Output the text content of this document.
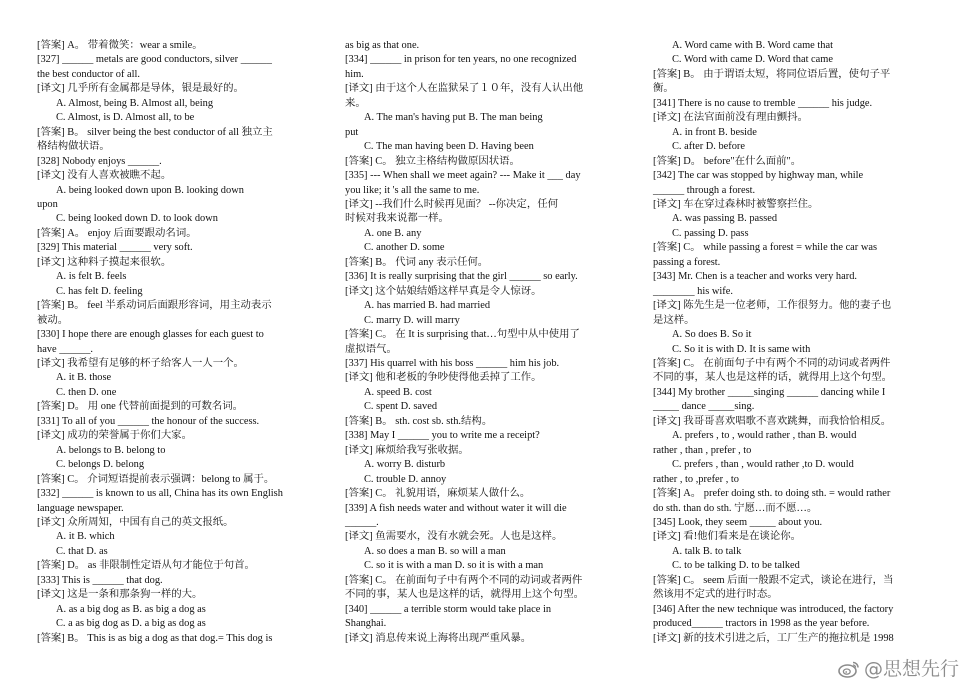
[答案] A。 带着微笑：wear a smile。
[327] ______ metals are good conductors, silver ______
the best conductor of all.
[译文] 几乎所有金属都是导体，银是最好的。
A. Almost, being B. Almost all, being
C. Almost, is D. Almost all, to be
[答案] B。 silver being the best conductor of all 独立主
格结构做状语。
[328] Nobody enjoys ______.
[译文] 没有人喜欢被瞧不起。
A. being looked down upon B. looking down
upon
C. being looked down D. to look down
[答案] A。 enjoy 后面要跟动名词。
[329] This material ______ very soft.
[译文] 这种料子摸起来很软。
A. is felt B. feels
C. has felt D. feeling
[答案] B。 feel 半系动词后面跟形容词，用主动表示
被动。
[330] I hope there are enough glasses for each guest to
have ______.
[译文] 我希望有足够的杯子给客人一人一个。
A. it B. those
C. then D. one
[答案] D。 用 one 代替前面提到的可数名词。
[331] To all of you ______ the honour of the success.
[译文] 成功的荣誉属于你们大家。
A. belongs to B. belong to
C. belongs D. belong
[答案] C。 介词短语提前表示强调：belong to 属于。
[332] ______ is known to us all, China has its own English
language newspaper.
[译文] 众所周知，中国有自己的英文报纸。
A. it B. which
C. that D. as
[答案] D。 as 非限制性定语从句才能位于句首。
[333] This is ______ that dog.
[译文] 这是一条和那条狗一样的大。
A. as a big dog as B. as big a dog as
C. a as big dog as D. a big as dog as
[答案] B。 This is as big a dog as that dog.= This dog is
as big as that one.
[334] ______ in prison for ten years, no one recognized
him.
[译文] 由于这个人在监狱呆了１０年，没有人认出他
来。
A. The man's having put B. The man being
put
C. The man having been D. Having been
[答案] C。 独立主格结构做原因状语。
[335] --- When shall we meet again? --- Make it ___ day
you like; it 's all the same to me.
[译文] --我们什么时候再见面？ --你决定，任何
时候对我来说都一样。
A. one B. any
C. another D. some
[答案] B。 代词 any 表示任何。
[336] It is really surprising that the girl ______ so early.
[译文] 这个姑娘结婚这样早真是令人惊讶。
A. has married B. had married
C. marry D. will marry
[答案] C。 在 It is surprising that…句型中从中使用了
虚拟语气。
[337] His quarrel with his boss ______ him his job.
[译文] 他和老板的争吵使得他丢掉了工作。
A. speed B. cost
C. spent D. saved
[答案] B。 sth. cost sb. sth.结构。
[338] May I ______ you to write me a receipt?
[译文] 麻烦给我写张收据。
A. worry B. disturb
C. trouble D. annoy
[答案] C。 礼貌用语，麻烦某人做什么。
[339] A fish needs water and without water it will die
______.
[译文] 鱼需要水，没有水就会死。人也是这样。
A. so does a man B. so will a man
C. so it is with a man D. so it is with a man
[答案] C。 在前面句子中有两个不同的动词或者两件
不同的事，某人也是这样的话，就得用上这个句型。
[340] ______ a terrible storm would take place in
Shanghai.
[译文] 消息传来说上海将出现严重风暴。
A. Word came with B. Word came that
C. Word with came D. Word that came
[答案] B。 由于谓语太短，将同位语后置，使句子平
衡。
[341] There is no cause to tremble ______ his judge.
[译文] 在法官面前没有理由颤抖。
A. in front B. beside
C. after D. before
[答案] D。 before"在什么面前"。
[342] The car was stopped by highway man, while
______ through a forest.
[译文] 车在穿过森林时被警察拦住。
A. was passing B. passed
C. passing D. pass
[答案] C。 while passing a forest = while the car was
passing a forest.
[343] Mr. Chen is a teacher and works very hard.
________ his wife.
[译文] 陈先生是一位老师，工作很努力。他的妻子也
是这样。
A. So does B. So it
C. So it is with D. It is same with
[答案] C。 在前面句子中有两个不同的动词或者两件
不同的事，某人也是这样的话，就得用上这个句型。
[344] My brother _____singing ______ dancing while I
_____ dance _____sing.
[译文] 我哥哥喜欢唱歌不喜欢跳舞，而我恰恰相反。
A. prefers , to , would rather , than B. would
rather , than , prefer , to
C. prefers , than , would rather ,to D. would
rather , to ,prefer , to
[答案] A。 prefer doing sth. to doing sth. = would rather
do sth. than do sth. 宁愿…而不愿…。
[345] Look, they seem _____ about you.
[译文] 看!他们看来是在谈论你。
A. talk B. to talk
C. to be talking D. to be talked
[答案] C。 seem 后面一般跟不定式，谈论在进行，当
然该用不定式的进行时态。
[346] After the new technique was introduced, the factory
produced______ tractors in 1998 as the year before.
[译文] 新的技术引进之后，工厂生产的拖拉机是 1998
@思想先行
